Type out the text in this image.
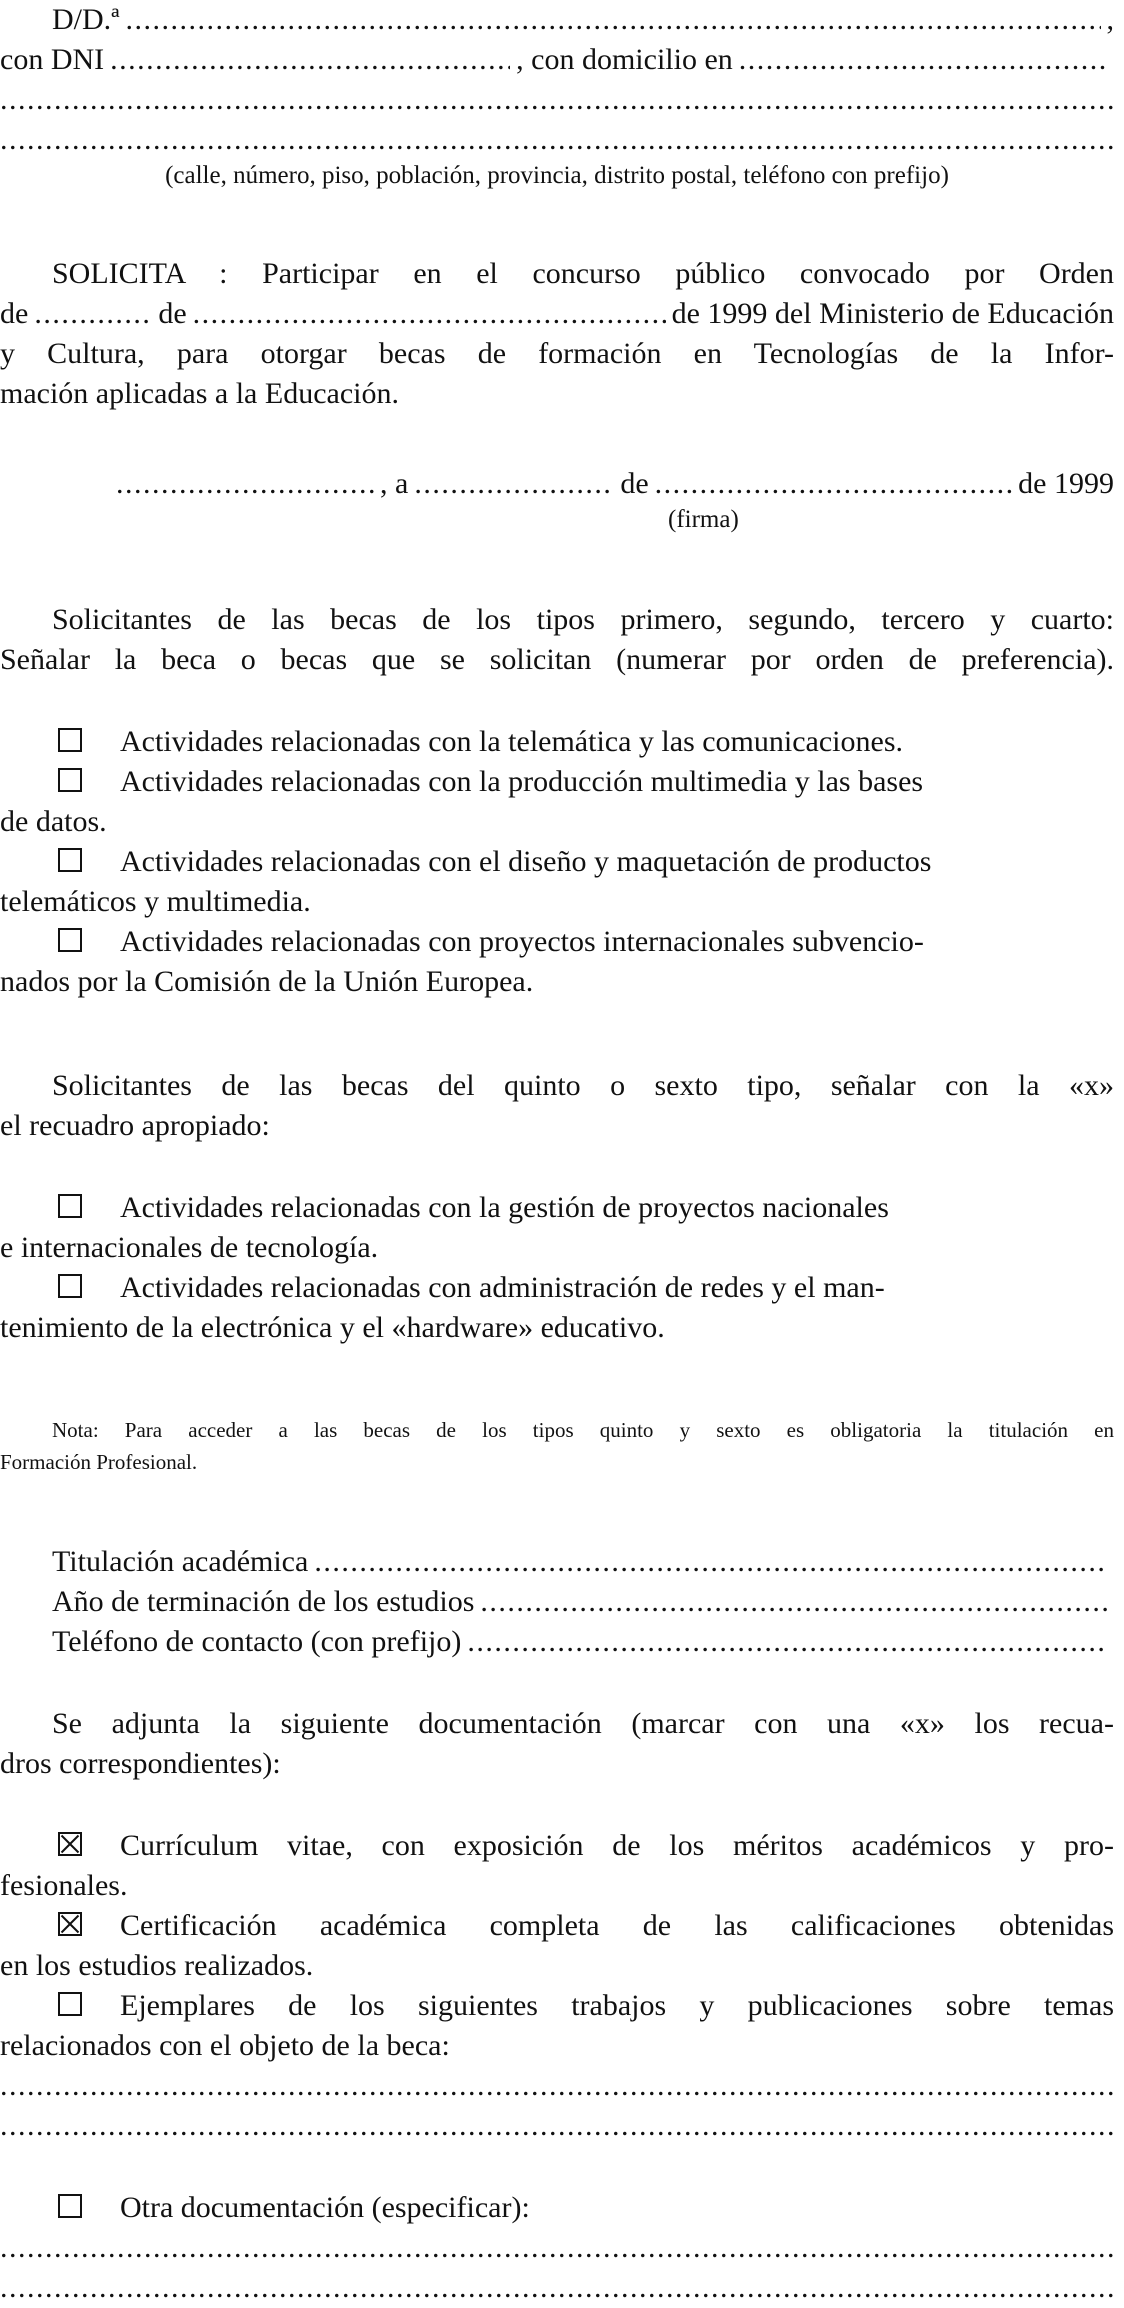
D/D.ª . . .	,
con DNI . . .	, con domicilio en
. . .
. . .
. . .
(calle, número, piso, población, provincia, distrito postal, teléfono con prefijo)
SOLICITA : Participar en el concurso público convocado por Orden
de . . .	de . . .	de 1999 del Ministerio de Educación
y Cultura, para otorgar becas de formación en Tecnologías de la Infor-
mación aplicadas a la Educación.
. . .
, a . . .	de . . .	de 1999
(firma)
Solicitantes de las becas de los tipos primero, segundo, tercero y cuarto:
Señalar la beca o becas que se solicitan (numerar por orden de preferencia).
Actividades relacionadas con la telemática y las comunicaciones.
Actividades relacionadas con la producción multimedia y las bases
de datos.
Actividades relacionadas con el diseño y maquetación de productos
telemáticos y multimedia.
Actividades relacionadas con proyectos internacionales subvencio-
nados por la Comisión de la Unión Europea.
Solicitantes de las becas del quinto o sexto tipo, señalar con la «x»
el recuadro apropiado:
Actividades relacionadas con la gestión de proyectos nacionales
e internacionales de tecnología.
Actividades relacionadas con administración de redes y el man-
tenimiento de la electrónica y el «hardware» educativo.
Nota: Para acceder a las becas de los tipos quinto y sexto es obligatoria la titulación en
Formación Profesional.
Titulación académica
. . .
Año de terminación de los estudios
. . .
Teléfono de contacto (con prefijo)
. . .
Se adjunta la siguiente documentación (marcar con una «x» los recua-
dros correspondientes):
Currículum vitae, con exposición de los méritos académicos y pro-
fesionales.
Certificación académica completa de las calificaciones obtenidas
en los estudios realizados.
Ejemplares de los siguientes trabajos y publicaciones sobre temas
relacionados con el objeto de la beca:
. . .
. . .
Otra documentación (especificar):
. . .
. . .
